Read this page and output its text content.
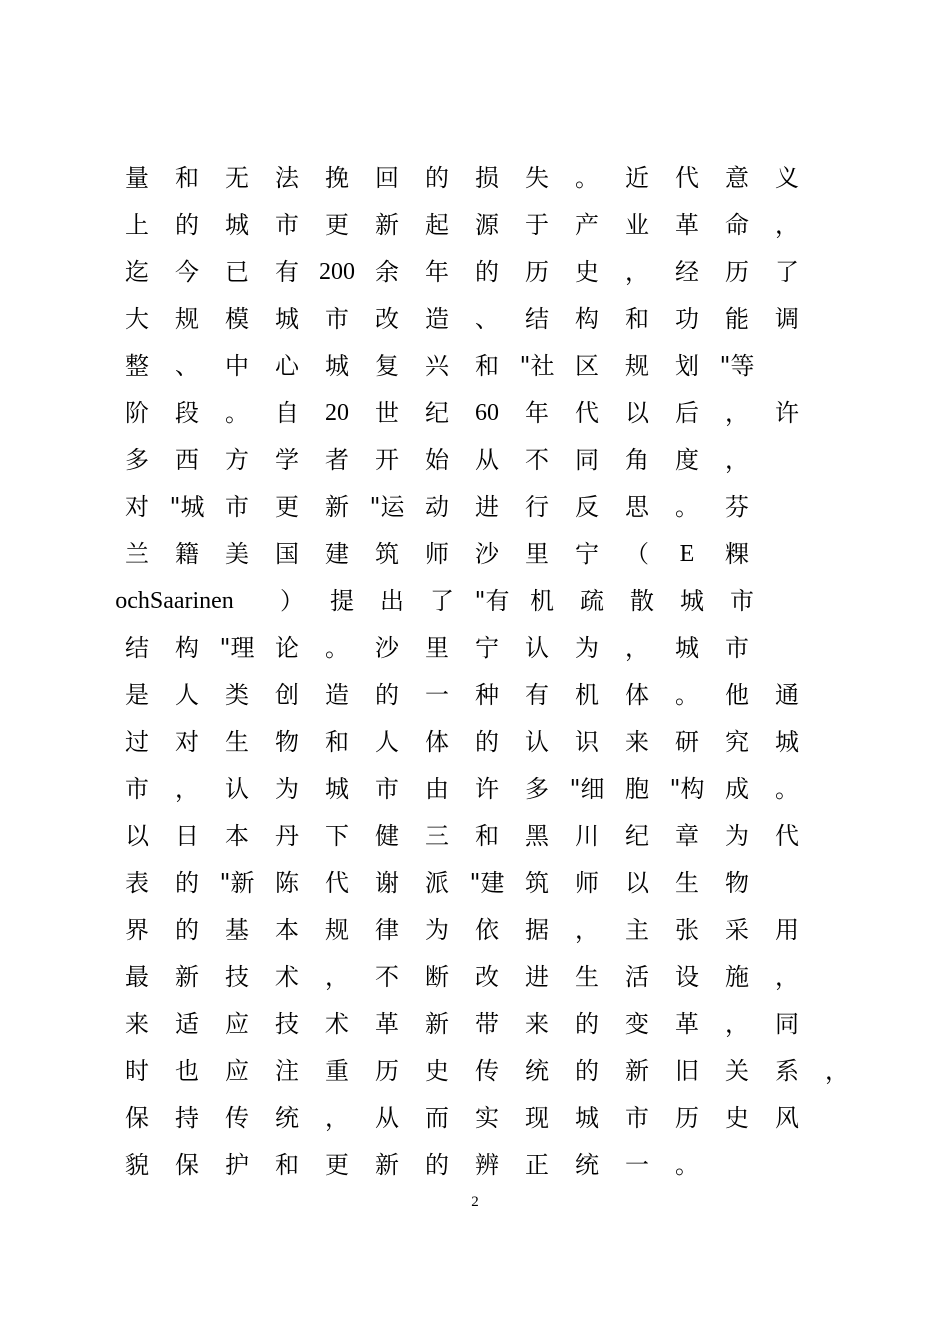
量	和	无	法	挽	回	的	损	失	。	近	代	意	义
上	的	城	市	更	新	起	源	于	产	业	革	命	，
迄	今	已	有 200 余	年	的	历	史	，	经	历	了
大	规	模	城	市	改	造	、	结	构	和	功	能	调
整	、	中	心	城	复	兴	和 "社 区	规	划 "等
阶	段	。	自	20	世	纪	60	年	代	以	后	，	许
多	西	方	学	者	开	始	从	不	同	角	度	，
对 "城 市	更	新 "运 动	进	行	反	思	。	芬
兰	籍	美	国	建	筑	师	沙	里	宁	（	E	粿
ochSaarinen	）	提	出	了 "有 机	疏	散	城	市
结	构 "理 论	。	沙	里	宁	认	为	，	城	市
是	人	类	创	造	的	一	种	有	机	体	。	他	通
过	对	生	物	和	人	体	的	认	识	来	研	究	城
市	，	认	为	城	市	由	许	多 "细 胞 "构 成	。
以	日	本	丹	下	健	三	和	黑	川	纪	章	为	代
表	的 "新 陈	代	谢	派 "建 筑	师	以	生	物
界	的	基	本	规	律	为	依	据	，	主	张	采	用
最	新	技	术	，	不	断	改	进	生	活	设	施	，
来	适	应	技	术	革	新	带	来	的	变	革	，	同
时	也	应	注	重	历	史	传	统	的	新	旧	关	系	，
保	持	传	统	，	从	而	实	现	城	市	历	史	风
貌	保	护	和	更	新	的	辨	正	统	一	。
2
